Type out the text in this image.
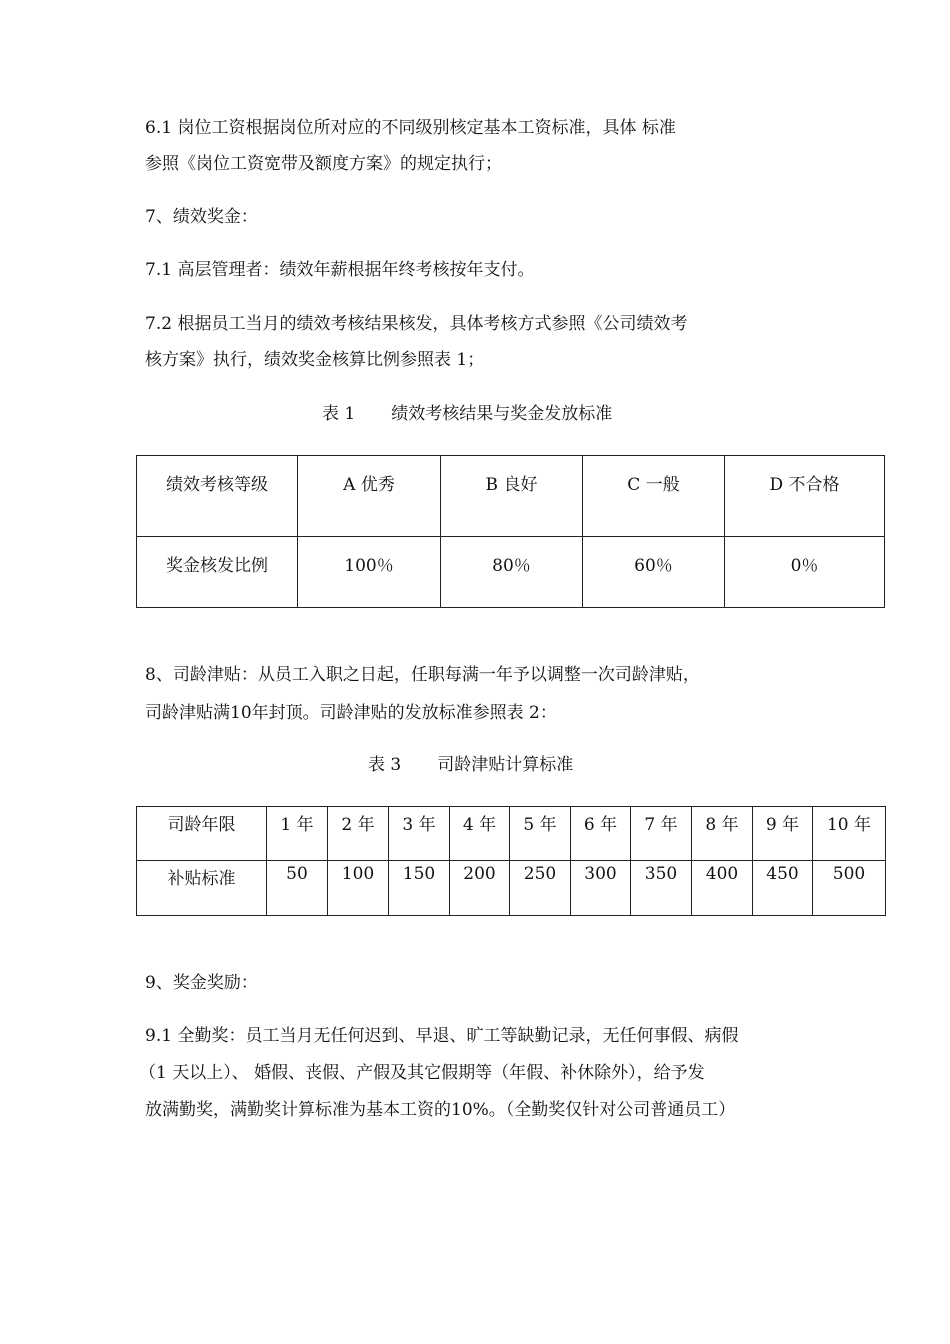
6.1 岗位工资根据岗位所对应的不同级别核定基本工资标准，具体 标准
参照《岗位工资宽带及额度方案》的规定执行；
7、绩效奖金：
7.1 高层管理者：绩效年薪根据年终考核按年支付。
7.2 根据员工当月的绩效考核结果核发，具体考核方式参照《公司绩效考
核方案》执行，绩效奖金核算比例参照表 1；
表 1 绩效考核结果与奖金发放标准
绩效考核等级	A 优秀	B 良好	C 一般	D 不合格
奖金核发比例	100％	80％	60％	0％
8、司龄津贴：从员工入职之日起，任职每满一年予以调整一次司龄津贴，
司龄津贴满10年封顶。司龄津贴的发放标准参照表 2：
表 3 司龄津贴计算标准
司龄年限	1 年	2 年	3 年	4 年	5 年	6 年	7 年	8 年	9 年	10 年
补贴标准	50	100	150	200	250	300	350	400	450	500
9、奖金奖励：
9.1 全勤奖：员工当月无任何迟到、早退、旷工等缺勤记录，无任何事假、病假
（1 天以上）、 婚假、丧假、产假及其它假期等（年假、补休除外），给予发
放满勤奖，满勤奖计算标准为基本工资的10%。（全勤奖仅针对公司普通员工）
